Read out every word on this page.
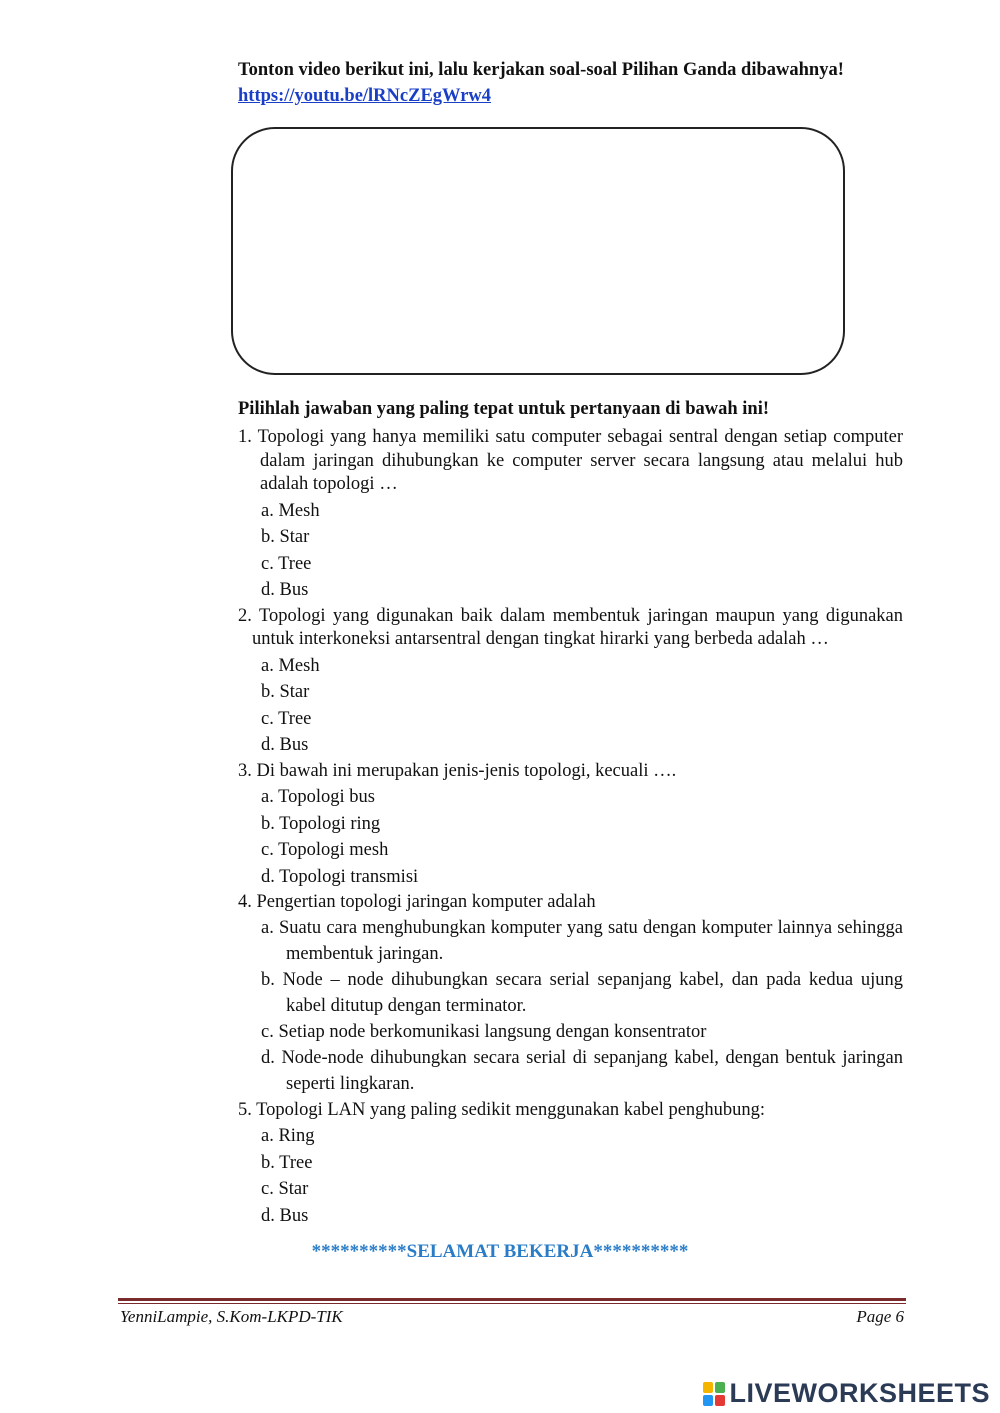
Tonton video berikut ini, lalu kerjakan soal-soal Pilihan Ganda dibawahnya!
https://youtu.be/lRNcZEgWrw4
Pilihlah jawaban yang paling tepat untuk pertanyaan di bawah ini!
1. Topologi yang hanya memiliki satu computer sebagai sentral dengan setiap computer dalam jaringan dihubungkan ke computer server secara langsung atau melalui hub adalah topologi …
a. Mesh
b. Star
c. Tree
d. Bus
2. Topologi yang digunakan baik dalam membentuk jaringan maupun yang digunakan untuk interkoneksi antarsentral dengan tingkat hirarki yang berbeda adalah …
a. Mesh
b. Star
c. Tree
d. Bus
3. Di bawah ini merupakan jenis-jenis topologi, kecuali ….
a. Topologi bus
b. Topologi ring
c. Topologi mesh
d. Topologi transmisi
4. Pengertian topologi jaringan komputer adalah
a. Suatu cara menghubungkan komputer yang satu dengan komputer lainnya sehingga membentuk jaringan.
b. Node – node dihubungkan secara serial sepanjang kabel, dan pada kedua ujung kabel ditutup dengan terminator.
c. Setiap node berkomunikasi langsung dengan konsentrator
d. Node-node dihubungkan secara serial di sepanjang kabel, dengan bentuk jaringan seperti lingkaran.
5. Topologi LAN yang paling sedikit menggunakan kabel penghubung:
a. Ring
b. Tree
c. Star
d. Bus
**********SELAMAT BEKERJA**********
YenniLampie, S.Kom-LKPD-TIK	Page 6
LIVEWORKSHEETS
